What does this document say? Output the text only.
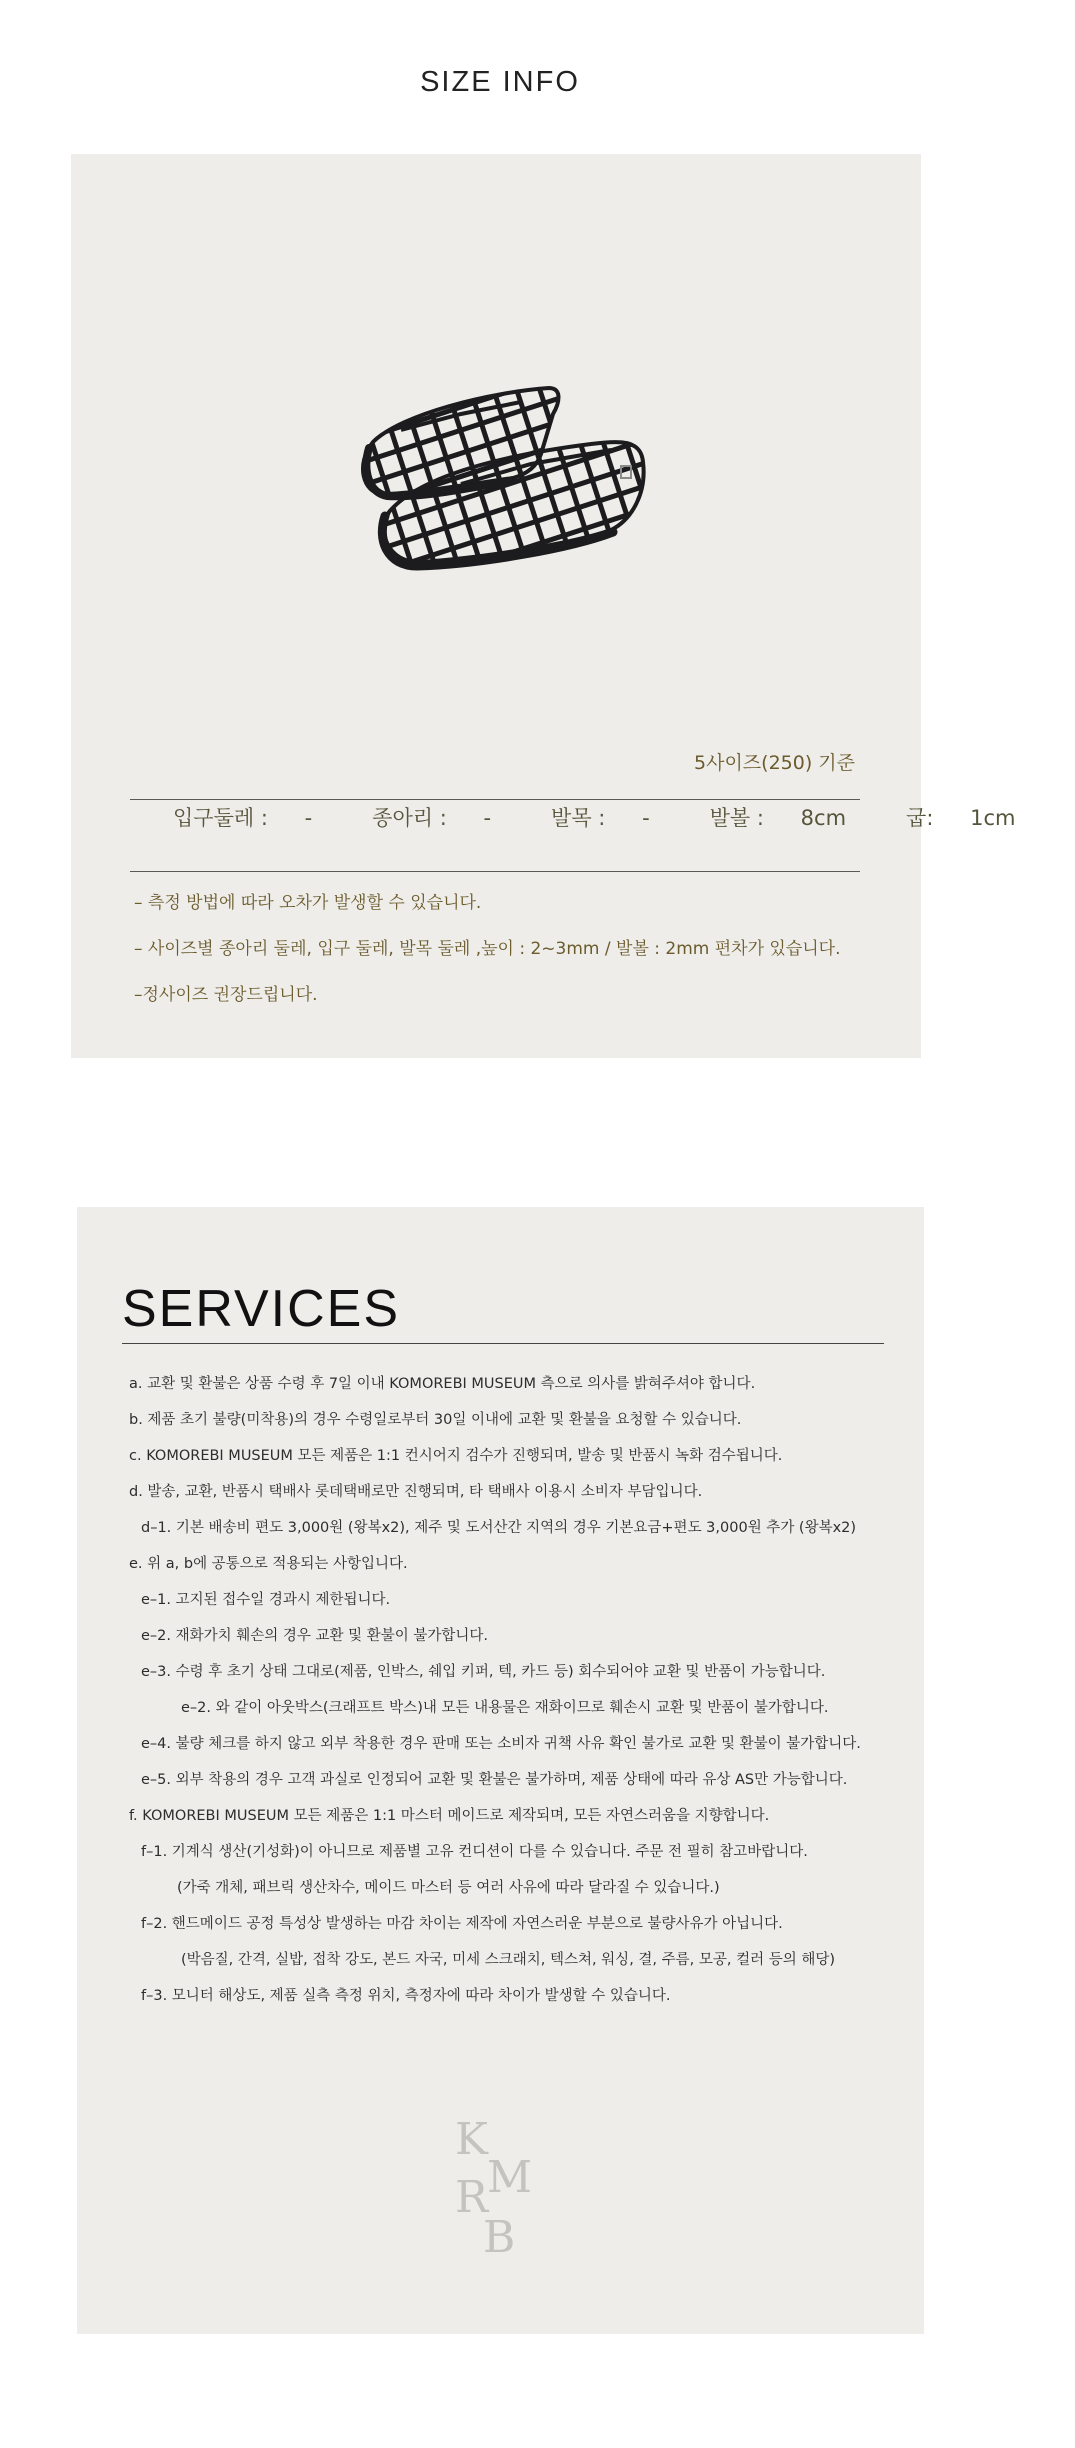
SIZE INFO
5사이즈(250) 기준
입구둘레 : -	종아리 : -	발목 : -	발볼 : 8cm	굽: 1cm
– 측정 방법에 따라 오차가 발생할 수 있습니다.
– 사이즈별 종아리 둘레, 입구 둘레, 발목 둘레 ,높이 : 2~3mm / 발볼 : 2mm 편차가 있습니다.
–정사이즈 권장드립니다.
SERVICES
a. 교환 및 환불은 상품 수령 후 7일 이내 KOMOREBI MUSEUM 측으로 의사를 밝혀주셔야 합니다.
b. 제품 초기 불량(미착용)의 경우 수령일로부터 30일 이내에 교환 및 환불을 요청할 수 있습니다.
c. KOMOREBI MUSEUM 모든 제품은 1:1 컨시어지 검수가 진행되며, 발송 및 반품시 녹화 검수됩니다.
d. 발송, 교환, 반품시 택배사 롯데택배로만 진행되며, 타 택배사 이용시 소비자 부담입니다.
d–1. 기본 배송비 편도 3,000원 (왕복x2), 제주 및 도서산간 지역의 경우 기본요금+편도 3,000원 추가 (왕복x2)
e. 위 a, b에 공통으로 적용되는 사항입니다.
e–1. 고지된 접수일 경과시 제한됩니다.
e–2. 재화가치 훼손의 경우 교환 및 환불이 불가합니다.
e–3. 수령 후 초기 상태 그대로(제품, 인박스, 쉐입 키퍼, 텍, 카드 등) 회수되어야 교환 및 반품이 가능합니다.
e–2. 와 같이 아웃박스(크래프트 박스)내 모든 내용물은 재화이므로 훼손시 교환 및 반품이 불가합니다.
e–4. 불량 체크를 하지 않고 외부 착용한 경우 판매 또는 소비자 귀책 사유 확인 불가로 교환 및 환불이 불가합니다.
e–5. 외부 착용의 경우 고객 과실로 인정되어 교환 및 환불은 불가하며, 제품 상태에 따라 유상 AS만 가능합니다.
f. KOMOREBI MUSEUM 모든 제품은 1:1 마스터 메이드로 제작되며, 모든 자연스러움을 지향합니다.
f–1. 기계식 생산(기성화)이 아니므로 제품별 고유 컨디션이 다를 수 있습니다. 주문 전 필히 참고바랍니다.
(가죽 개체, 패브릭 생산차수, 메이드 마스터 등 여러 사유에 따라 달라질 수 있습니다.)
f–2. 핸드메이드 공정 특성상 발생하는 마감 차이는 제작에 자연스러운 부분으로 불량사유가 아닙니다.
(박음질, 간격, 실밥, 접착 강도, 본드 자국, 미세 스크래치, 텍스쳐, 워싱, 결, 주름, 모공, 컬러 등의 해당)
f–3. 모니터 해상도, 제품 실측 측정 위치, 측정자에 따라 차이가 발생할 수 있습니다.
K
M
R
B
